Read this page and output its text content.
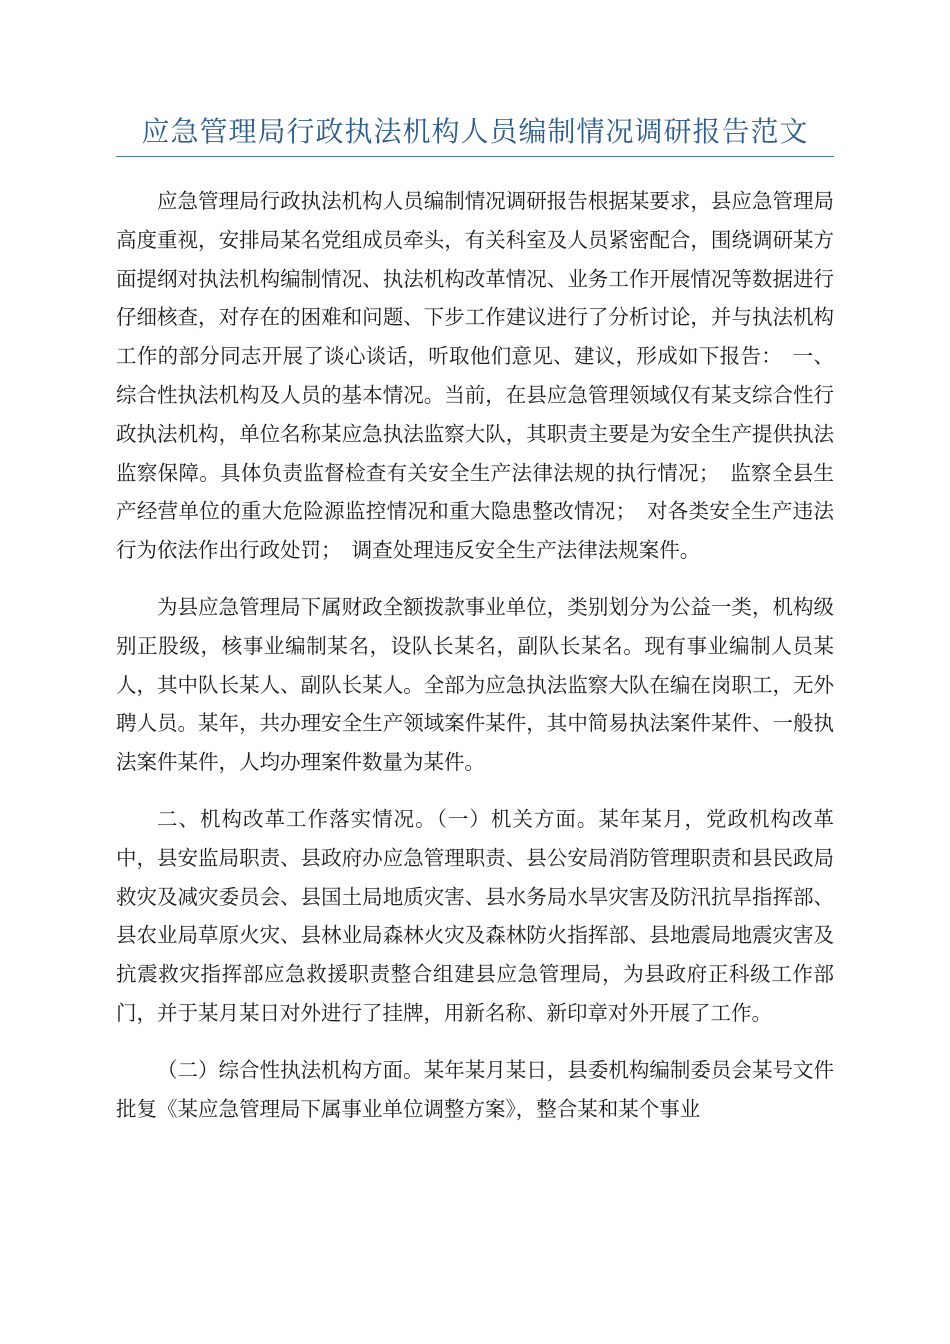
应急管理局行政执法机构人员编制情况调研报告范文

应急管理局行政执法机构人员编制情况调研报告根据某要求，县应急管理局高度重视，安排局某名党组成员牵头，有关科室及人员紧密配合，围绕调研某方面提纲对执法机构编制情况、执法机构改革情况、业务工作开展情况等数据进行仔细核查，对存在的困难和问题、下步工作建议进行了分析讨论，并与执法机构工作的部分同志开展了谈心谈话，听取他们意见、建议，形成如下报告：　一、综合性执法机构及人员的基本情况。当前，在县应急管理领域仅有某支综合性行政执法机构，单位名称某应急执法监察大队，其职责主要是为安全生产提供执法监察保障。具体负责监督检查有关安全生产法律法规的执行情况；　监察全县生产经营单位的重大危险源监控情况和重大隐患整改情况；　对各类安全生产违法行为依法作出行政处罚；　调查处理违反安全生产法律法规案件。

为县应急管理局下属财政全额拨款事业单位，类别划分为公益一类，机构级别正股级，核事业编制某名，设队长某名，副队长某名。现有事业编制人员某人，其中队长某人、副队长某人。全部为应急执法监察大队在编在岗职工，无外聘人员。某年，共办理安全生产领域案件某件，其中简易执法案件某件、一般执法案件某件，人均办理案件数量为某件。

二、机构改革工作落实情况。（一）机关方面。某年某月，党政机构改革中，县安监局职责、县政府办应急管理职责、县公安局消防管理职责和县民政局救灾及减灾委员会、县国土局地质灾害、县水务局水旱灾害及防汛抗旱指挥部、县农业局草原火灾、县林业局森林火灾及森林防火指挥部、县地震局地震灾害及抗震救灾指挥部应急救援职责整合组建县应急管理局，为县政府正科级工作部门，并于某月某日对外进行了挂牌，用新名称、新印章对外开展了工作。

（二）综合性执法机构方面。某年某月某日，县委机构编制委员会某号文件批复《某应急管理局下属事业单位调整方案》，整合某和某个事业
